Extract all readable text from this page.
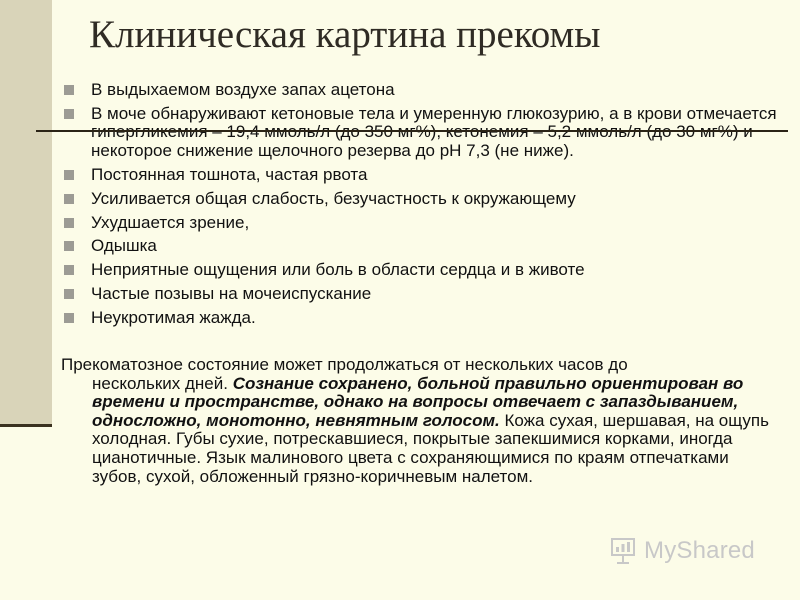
Клиническая картина прекомы
В выдыхаемом воздухе запах ацетона
В моче обнаруживают кетоновые тела и умеренную глюкозурию, а в крови отмечается некоторое снижение щелочного резерва до pH 7,3 (не ниже).
Постоянная тошнота, частая рвота
Усиливается общая слабость, безучастность к окружающему
Ухудшается зрение,
Одышка
Неприятные ощущения или боль в области сердца и в животе
Частые позывы на мочеиспускание
Неукротимая жажда.
Прекоматозное состояние может продолжаться от нескольких часов до
нескольких дней. Сознание сохранено, больной правильно ориентирован во времени и пространстве, однако на вопросы отвечает с запаздыванием, односложно, монотонно, невнятным голосом. Кожа сухая, шершавая, на ощупь холодная. Губы сухие, потрескавшиеся, покрытые запекшимися корками, иногда цианотичные. Язык малинового цвета с сохраняющимися по краям отпечатками зубов, сухой, обложенный грязно-коричневым налетом.
MyShared
